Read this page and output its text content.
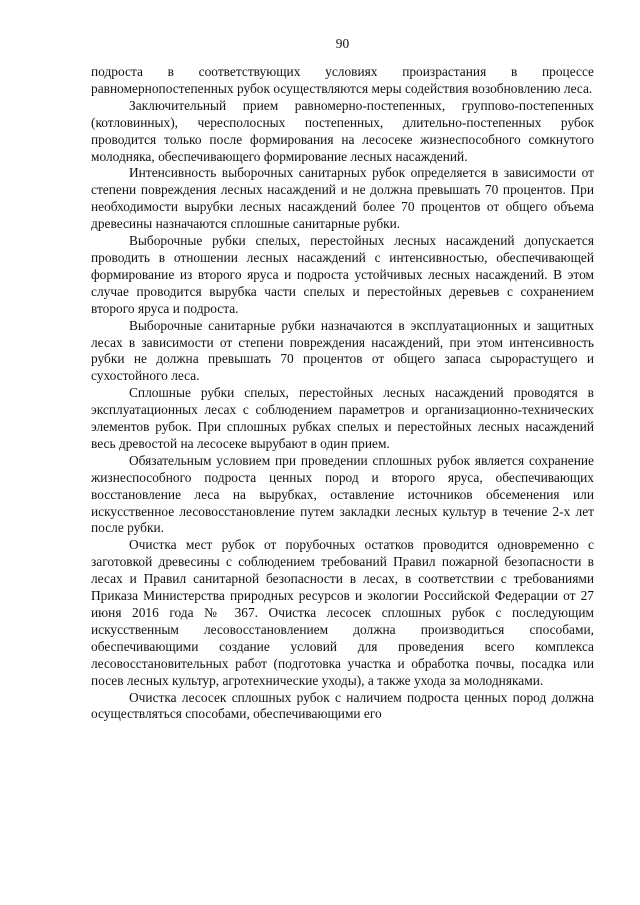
90

подроста в соответствующих условиях произрастания в процессе равномернопостепенных рубок осуществляются меры содействия возобновлению леса.

Заключительный прием равномерно-постепенных, группово-постепенных (котловинных), чересполосных постепенных, длительно-постепенных рубок проводится только после формирования на лесосеке жизнеспособного сомкнутого молодняка, обеспечивающего формирование лесных насаждений.

Интенсивность выборочных санитарных рубок определяется в зависимости от степени повреждения лесных насаждений и не должна превышать 70 процентов. При необходимости вырубки лесных насаждений более 70 процентов от общего объема древесины назначаются сплошные санитарные рубки.

Выборочные рубки спелых, перестойных лесных насаждений допускается проводить в отношении лесных насаждений с интенсивностью, обеспечивающей формирование из второго яруса и подроста устойчивых лесных насаждений. В этом случае проводится вырубка части спелых и перестойных деревьев с сохранением второго яруса и подроста.

Выборочные санитарные рубки назначаются в эксплуатационных и защитных лесах в зависимости от степени повреждения насаждений, при этом интенсивность рубки не должна превышать 70 процентов от общего запаса сырорастущего и сухостойного леса.

Сплошные рубки спелых, перестойных лесных насаждений проводятся в эксплуатационных лесах с соблюдением параметров и организационно-технических элементов рубок. При сплошных рубках спелых и перестойных лесных насаждений весь древостой на лесосеке вырубают в один прием.

Обязательным условием при проведении сплошных рубок является сохранение жизнеспособного подроста ценных пород и второго яруса, обеспечивающих восстановление леса на вырубках, оставление источников обсеменения или искусственное лесовосстановление путем закладки лесных культур в течение 2-х лет после рубки.

Очистка мест рубок от порубочных остатков проводится одновременно с заготовкой древесины с соблюдением требований Правил пожарной безопасности в лесах и Правил санитарной безопасности в лесах, в соответствии с требованиями Приказа Министерства природных ресурсов и экологии Российской Федерации от 27 июня 2016 года № 367. Очистка лесосек сплошных рубок с последующим искусственным лесовосстановлением должна производиться способами, обеспечивающими создание условий для проведения всего комплекса лесовосстановительных работ (подготовка участка и обработка почвы, посадка или посев лесных культур, агротехнические уходы), а также ухода за молодняками.

Очистка лесосек сплошных рубок с наличием подроста ценных пород должна осуществляться способами, обеспечивающими его
